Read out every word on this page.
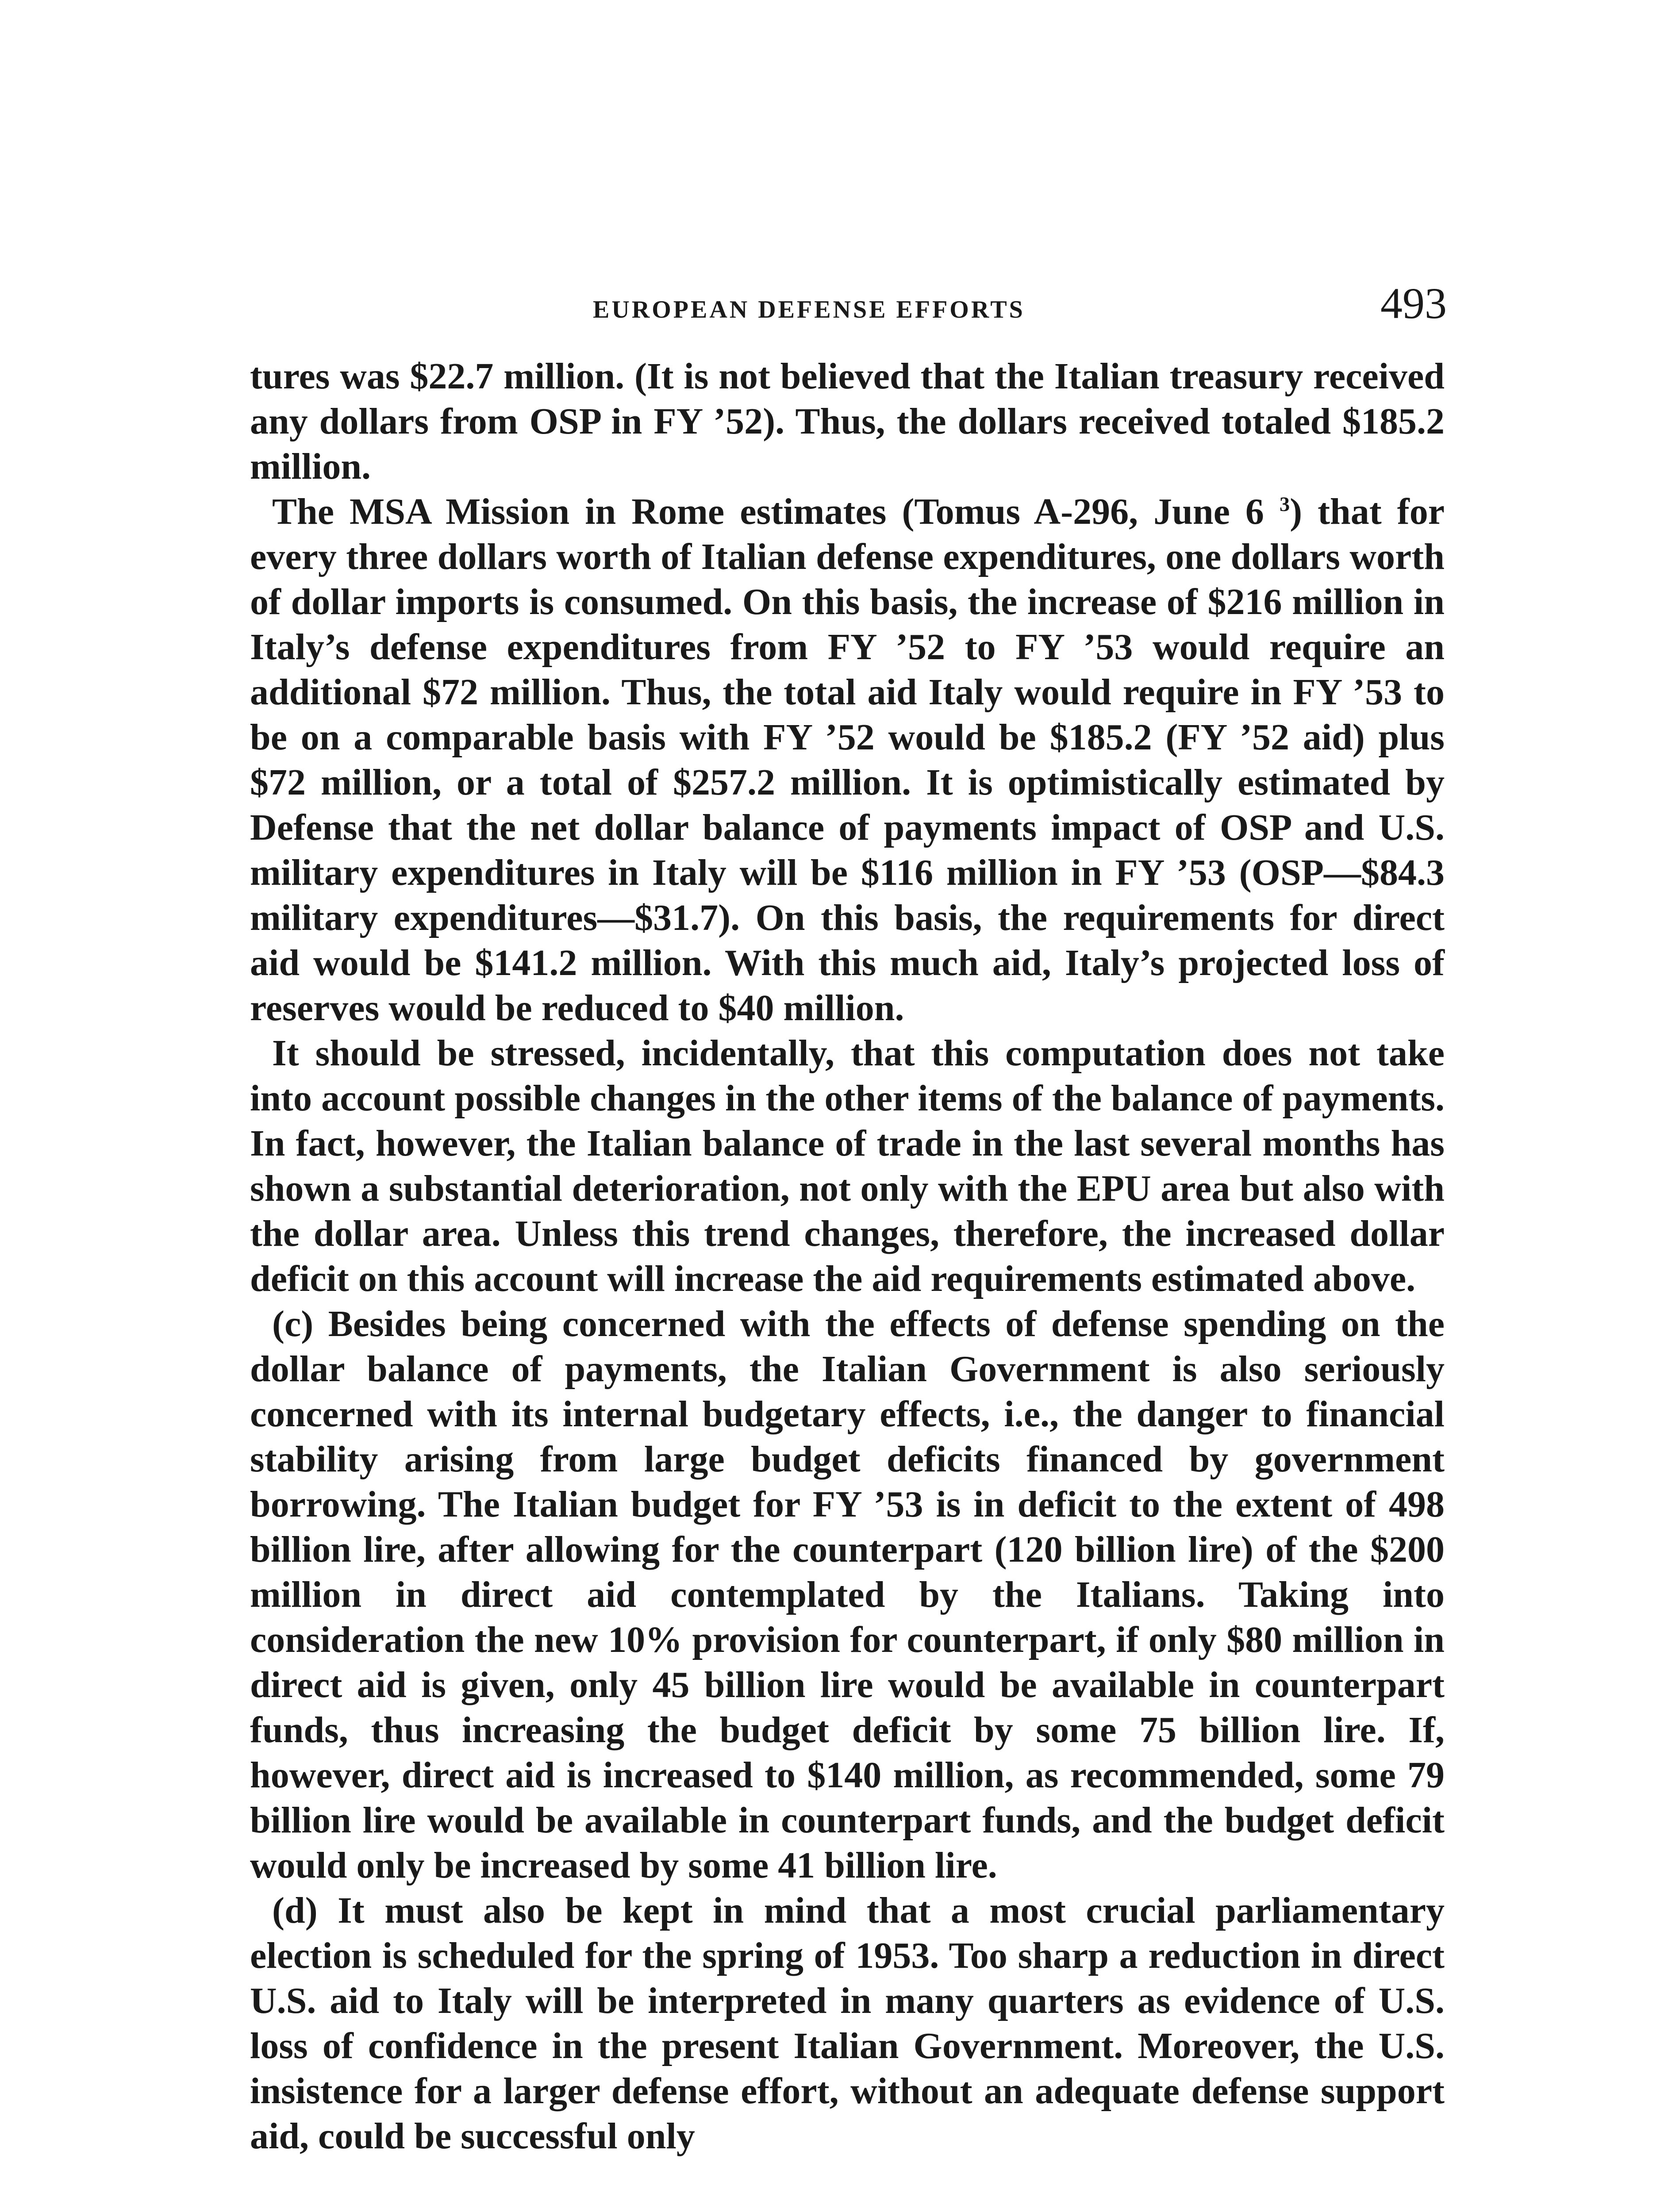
EUROPEAN DEFENSE EFFORTS	493

tures was $22.7 million. (It is not believed that the Italian treasury received any dollars from OSP in FY ’52). Thus, the dollars received totaled $185.2 million.

The MSA Mission in Rome estimates (Tomus A-296, June 6 $^3$) that for every three dollars worth of Italian defense expenditures, one dollars worth of dollar imports is consumed. On this basis, the increase of $216 million in Italy’s defense expenditures from FY ’52 to FY ’53 would require an additional $72 million. Thus, the total aid Italy would require in FY ’53 to be on a comparable basis with FY ’52 would be $185.2 (FY ’52 aid) plus $72 million, or a total of $257.2 million. It is optimistically estimated by Defense that the net dollar balance of payments impact of OSP and U.S. military expenditures in Italy will be $116 million in FY ’53 (OSP—$84.3 military expenditures—$31.7). On this basis, the requirements for direct aid would be $141.2 million. With this much aid, Italy’s projected loss of reserves would be reduced to $40 million.

It should be stressed, incidentally, that this computation does not take into account possible changes in the other items of the balance of payments. In fact, however, the Italian balance of trade in the last several months has shown a substantial deterioration, not only with the EPU area but also with the dollar area. Unless this trend changes, therefore, the increased dollar deficit on this account will increase the aid requirements estimated above.

(c) Besides being concerned with the effects of defense spending on the dollar balance of payments, the Italian Government is also seriously concerned with its internal budgetary effects, i.e., the danger to financial stability arising from large budget deficits financed by government borrowing. The Italian budget for FY ’53 is in deficit to the extent of 498 billion lire, after allowing for the counterpart (120 billion lire) of the $200 million in direct aid contemplated by the Italians. Taking into consideration the new 10% provision for counterpart, if only $80 million in direct aid is given, only 45 billion lire would be available in counterpart funds, thus increasing the budget deficit by some 75 billion lire. If, however, direct aid is increased to $140 million, as recommended, some 79 billion lire would be available in counterpart funds, and the budget deficit would only be increased by some 41 billion lire.

(d) It must also be kept in mind that a most crucial parliamentary election is scheduled for the spring of 1953. Too sharp a reduction in direct U.S. aid to Italy will be interpreted in many quarters as evidence of U.S. loss of confidence in the present Italian Government. Moreover, the U.S. insistence for a larger defense effort, without an adequate defense support aid, could be successful only
